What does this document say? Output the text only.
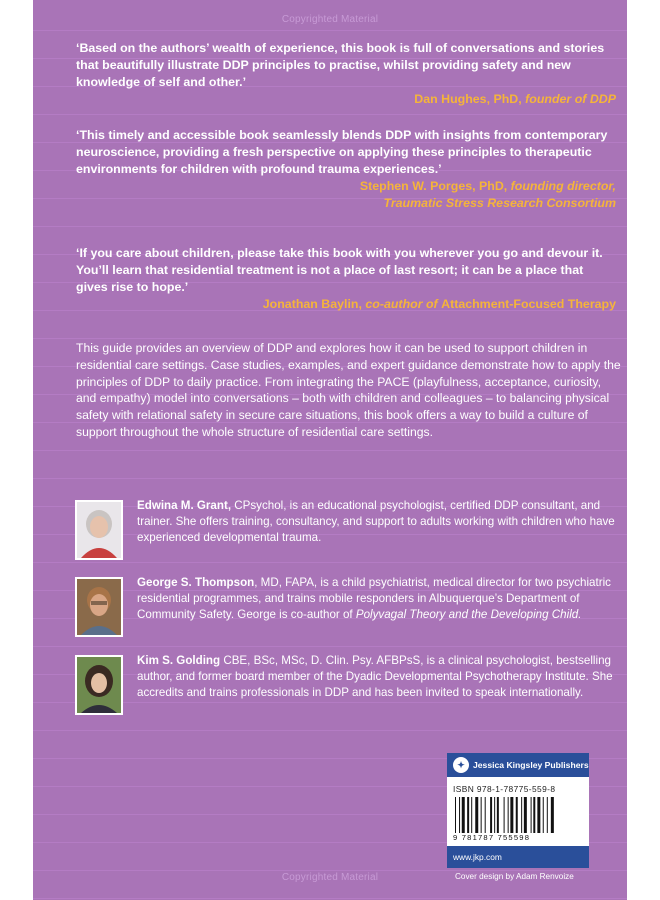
Copyrighted Material
‘Based on the authors’ wealth of experience, this book is full of conversations and stories that beautifully illustrate DDP principles to practise, whilst providing safety and new knowledge of self and other.’
Dan Hughes, PhD, founder of DDP
‘This timely and accessible book seamlessly blends DDP with insights from contemporary neuroscience, providing a fresh perspective on applying these principles to therapeutic environments for children with profound trauma experiences.’
Stephen W. Porges, PhD, founding director,
Traumatic Stress Research Consortium
‘If you care about children, please take this book with you wherever you go and devour it. You’ll learn that residential treatment is not a place of last resort; it can be a place that gives rise to hope.’
Jonathan Baylin, co-author of Attachment-Focused Therapy
This guide provides an overview of DDP and explores how it can be used to support children in residential care settings. Case studies, examples, and expert guidance demonstrate how to apply the principles of DDP to daily practice. From integrating the PACE (playfulness, acceptance, curiosity, and empathy) model into conversations – both with children and colleagues – to balancing physical safety with relational safety in secure care situations, this book offers a way to build a culture of support throughout the whole structure of residential care settings.
Edwina M. Grant, CPsychol, is an educational psychologist, certified DDP consultant, and trainer. She offers training, consultancy, and support to adults working with children who have experienced developmental trauma.
George S. Thompson, MD, FAPA, is a child psychiatrist, medical director for two psychiatric residential programmes, and trains mobile responders in Albuquerque’s Department of Community Safety. George is co-author of Polyvagal Theory and the Developing Child.
Kim S. Golding CBE, BSc, MSc, D. Clin. Psy. AFBPsS, is a clinical psychologist, bestselling author, and former board member of the Dyadic Developmental Psychotherapy Institute. She accredits and trains professionals in DDP and has been invited to speak internationally.
Copyrighted Material
✦ Jessica Kingsley Publishers
ISBN 978-1-78775-559-8
9 781787 755598
www.jkp.com
Cover design by Adam Renvoize
